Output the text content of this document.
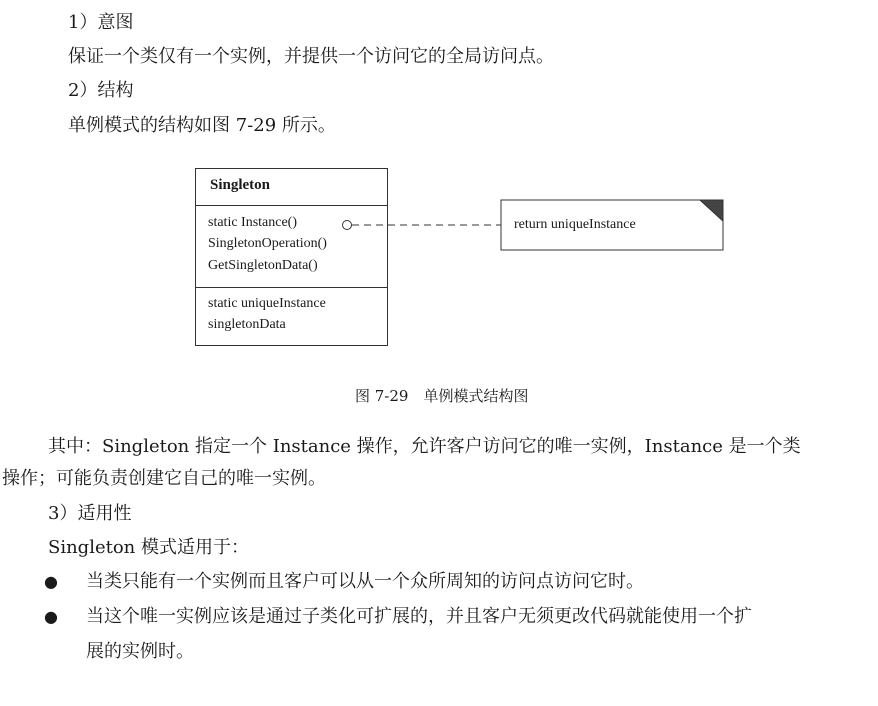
1）意图
保证一个类仅有一个实例，并提供一个访问它的全局访问点。
2）结构
单例模式的结构如图 7-29 所示。
Singleton
static Instance()
SingletonOperation()
GetSingletonData()
static uniqueInstance
singletonData
return uniqueInstance
图 7-29　单例模式结构图
其中：Singleton 指定一个 Instance 操作，允许客户访问它的唯一实例，Instance 是一个类
操作；可能负责创建它自己的唯一实例。
3）适用性
Singleton 模式适用于：
● 当类只能有一个实例而且客户可以从一个众所周知的访问点访问它时。
● 当这个唯一实例应该是通过子类化可扩展的，并且客户无须更改代码就能使用一个扩
展的实例时。
